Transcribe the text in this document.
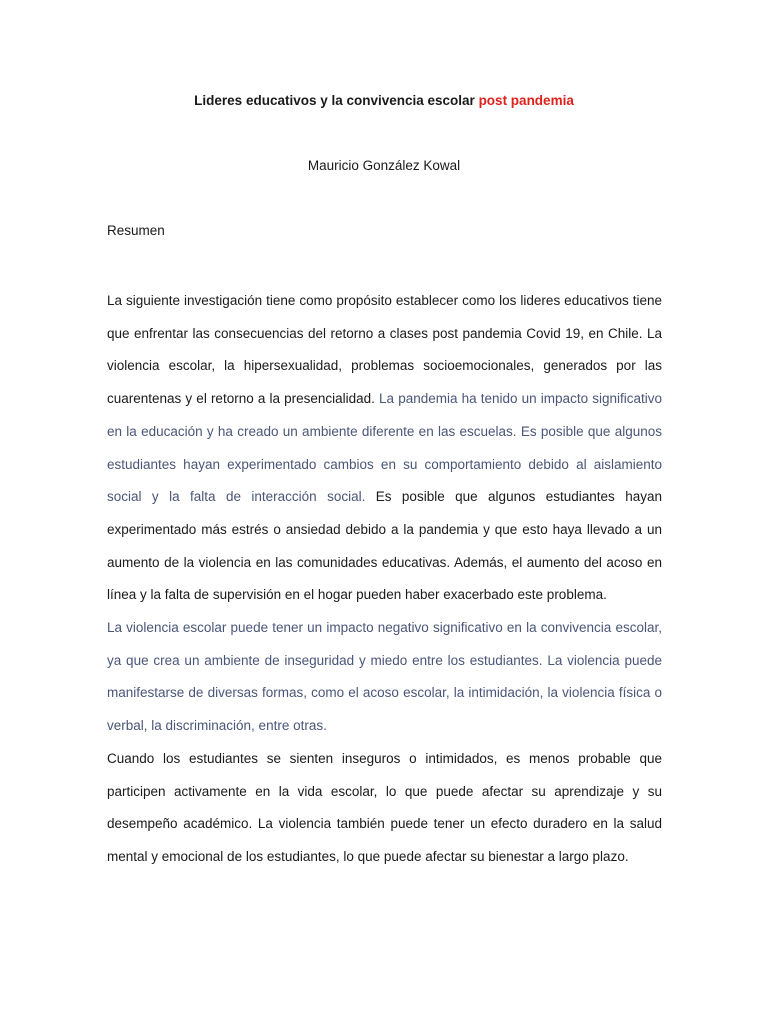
Lideres educativos y la convivencia escolar post pandemia

Mauricio González Kowal

Resumen

La siguiente investigación tiene como propósito establecer como los lideres educativos tiene que enfrentar las consecuencias del retorno a clases post pandemia Covid 19, en Chile. La violencia escolar, la hipersexualidad, problemas socioemocionales, generados por las cuarentenas y el retorno a la presencialidad. La pandemia ha tenido un impacto significativo en la educación y ha creado un ambiente diferente en las escuelas. Es posible que algunos estudiantes hayan experimentado cambios en su comportamiento debido al aislamiento social y la falta de interacción social. Es posible que algunos estudiantes hayan experimentado más estrés o ansiedad debido a la pandemia y que esto haya llevado a un aumento de la violencia en las comunidades educativas. Además, el aumento del acoso en línea y la falta de supervisión en el hogar pueden haber exacerbado este problema.

La violencia escolar puede tener un impacto negativo significativo en la convivencia escolar, ya que crea un ambiente de inseguridad y miedo entre los estudiantes. La violencia puede manifestarse de diversas formas, como el acoso escolar, la intimidación, la violencia física o verbal, la discriminación, entre otras.

Cuando los estudiantes se sienten inseguros o intimidados, es menos probable que participen activamente en la vida escolar, lo que puede afectar su aprendizaje y su desempeño académico. La violencia también puede tener un efecto duradero en la salud mental y emocional de los estudiantes, lo que puede afectar su bienestar a largo plazo.
